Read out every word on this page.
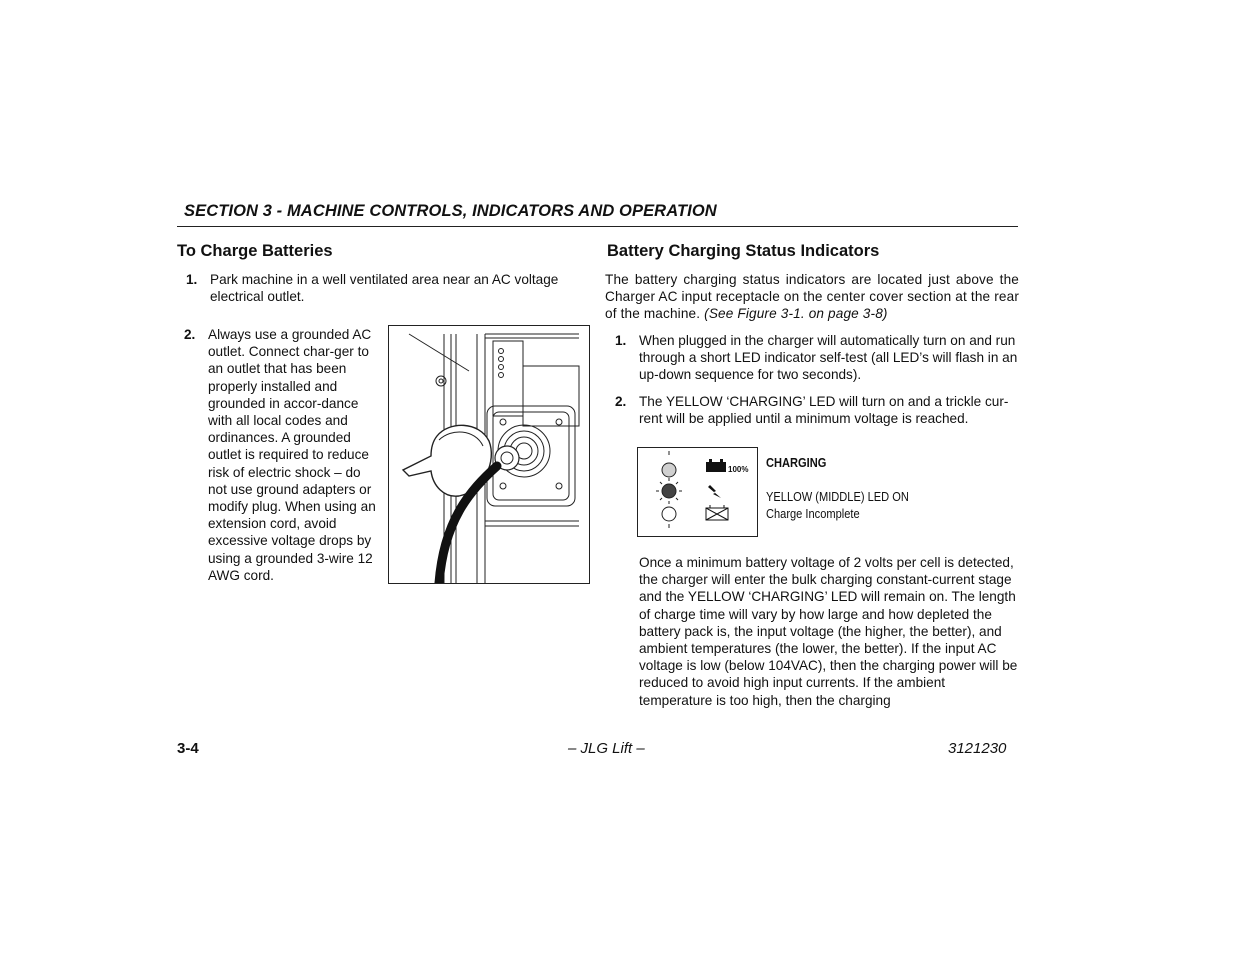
SECTION 3 - MACHINE CONTROLS, INDICATORS AND OPERATION
To Charge Batteries
1. Park machine in a well ventilated area near an AC voltage electrical outlet.
2. Always use a grounded AC outlet. Connect char-ger to an outlet that has been properly installed and grounded in accor-dance with all local codes and ordinances. A grounded outlet is required to reduce risk of electric shock – do not use ground adapters or modify plug. When using an extension cord, avoid excessive voltage drops by using a grounded 3-wire 12 AWG cord.
Battery Charging Status Indicators
The battery charging status indicators are located just above the Charger AC input receptacle on the center cover section at the rear of the machine. (See Figure 3-1. on page 3-8)
1. When plugged in the charger will automatically turn on and run through a short LED indicator self-test (all LED’s will flash in an up-down sequence for two seconds).
2. The YELLOW ‘CHARGING’ LED will turn on and a trickle cur-rent will be applied until a minimum voltage is reached.
100% CHARGING
YELLOW (MIDDLE) LED ON
Charge Incomplete
Once a minimum battery voltage of 2 volts per cell is detected, the charger will enter the bulk charging constant-current stage and the YELLOW ‘CHARGING’ LED will remain on. The length of charge time will vary by how large and how depleted the battery pack is, the input voltage (the higher, the better), and ambient temperatures (the lower, the better). If the input AC voltage is low (below 104VAC), then the charging power will be reduced to avoid high input currents. If the ambient temperature is too high, then the charging
3-4	– JLG Lift –	3121230
